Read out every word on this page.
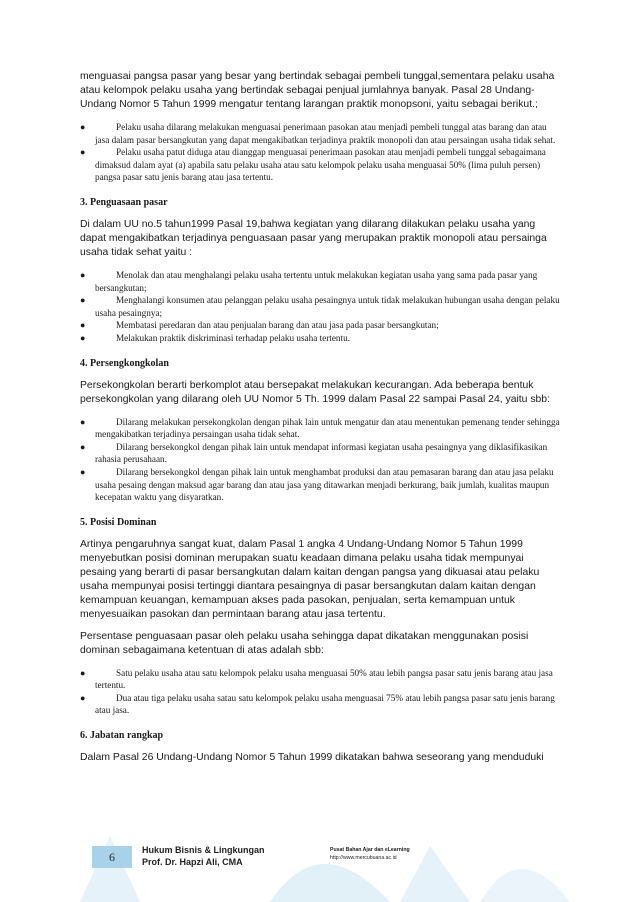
menguasai pangsa pasar yang besar yang bertindak sebagai pembeli tunggal,sementara pelaku usaha atau kelompok pelaku usaha yang bertindak sebagai penjual jumlahnya banyak. Pasal 28 Undang-Undang Nomor 5 Tahun 1999 mengatur tentang larangan praktik monopsoni, yaitu sebagai berikut.;

●	Pelaku usaha dilarang melakukan menguasai penerimaan pasokan atau menjadi pembeli tunggal atas barang dan atau jasa dalam pasar bersangkutan yang dapat mengakibatkan terjadinya praktik monopoli dan atau persaingan usaha tidak sehat.
●	Pelaku usaha patut diduga atau dianggap menguasai penerimaan pasokan atau menjadi pembeli tunggal sebagaimana dimaksud dalam ayat (a) apabila satu pelaku usaha atau satu kelompok pelaku usaha menguasai 50% (lima puluh persen) pangsa pasar satu jenis barang atau jasa tertentu.

3. Penguasaan pasar

Di dalam UU no.5 tahun1999 Pasal 19,bahwa kegiatan yang dilarang dilakukan pelaku usaha yang dapat mengakibatkan terjadinya penguasaan pasar yang merupakan praktik monopoli atau persainga usaha tidak sehat yaitu :

●	Menolak dan atau menghalangi pelaku usaha tertentu untuk melakukan kegiatan usaha yang sama pada pasar yang bersangkutan;
●	Menghalangi konsumen atau pelanggan pelaku usaha pesaingnya untuk tidak melakukan hubungan usaha dengan pelaku usaha pesaingnya;
●	Membatasi peredaran dan atau penjualan barang dan atau jasa pada pasar bersangkutan;
●	Melakukan praktik diskriminasi terhadap pelaku usaha tertentu.

4. Persengkongkolan

Persekongkolan berarti berkomplot atau bersepakat melakukan kecurangan. Ada beberapa bentuk persekongkolan yang dilarang oleh UU Nomor 5 Th. 1999 dalam Pasal 22 sampai Pasal 24, yaitu sbb:

●	Dilarang melakukan persekongkolan dengan pihak lain untuk mengatur dan atau menentukan pemenang tender sehingga mengakibatkan terjadinya persaingan usaha tidak sehat.
●	Dilarang bersekongkol dengan pihak lain untuk mendapat informasi kegiatan usaha pesaingnya yang diklasifikasikan rahasia perusahaan.
●	Dilarang bersekongkol dengan pihak lain untuk menghambat produksi dan atau pemasaran barang dan atau jasa pelaku usaha pesaing dengan maksud agar barang dan atau jasa yang ditawarkan menjadi berkurang, baik jumlah, kualitas maupun kecepatan waktu yang disyaratkan.

5. Posisi Dominan

Artinya pengaruhnya sangat kuat, dalam Pasal 1 angka 4 Undang-Undang Nomor 5 Tahun 1999 menyebutkan posisi dominan merupakan suatu keadaan dimana pelaku usaha tidak mempunyai pesaing yang berarti di pasar bersangkutan dalam kaitan dengan pangsa yang dikuasai atau pelaku usaha mempunyai posisi tertinggi diantara pesaingnya di pasar bersangkutan dalam kaitan dengan kemampuan keuangan, kemampuan akses pada pasokan, penjualan, serta kemampuan untuk menyesuaikan pasokan dan permintaan barang atau jasa tertentu.

Persentase penguasaan pasar oleh pelaku usaha sehingga dapat dikatakan menggunakan posisi dominan sebagaimana ketentuan di atas adalah sbb:

●	Satu pelaku usaha atau satu kelompok pelaku usaha menguasai 50% atau lebih pangsa pasar satu jenis barang atau jasa tertentu.
●	Dua atau tiga pelaku usaha satau satu kelompok pelaku usaha menguasai 75% atau lebih pangsa pasar satu jenis barang atau jasa.

6. Jabatan rangkap

Dalam Pasal 26 Undang-Undang Nomor 5 Tahun 1999 dikatakan bahwa seseorang yang menduduki

6	Hukum Bisnis & Lingkungan
Prof. Dr. Hapzi Ali, CMA
Pusat Bahan Ajar dan eLearning
http://www.mercubuana.ac.id
